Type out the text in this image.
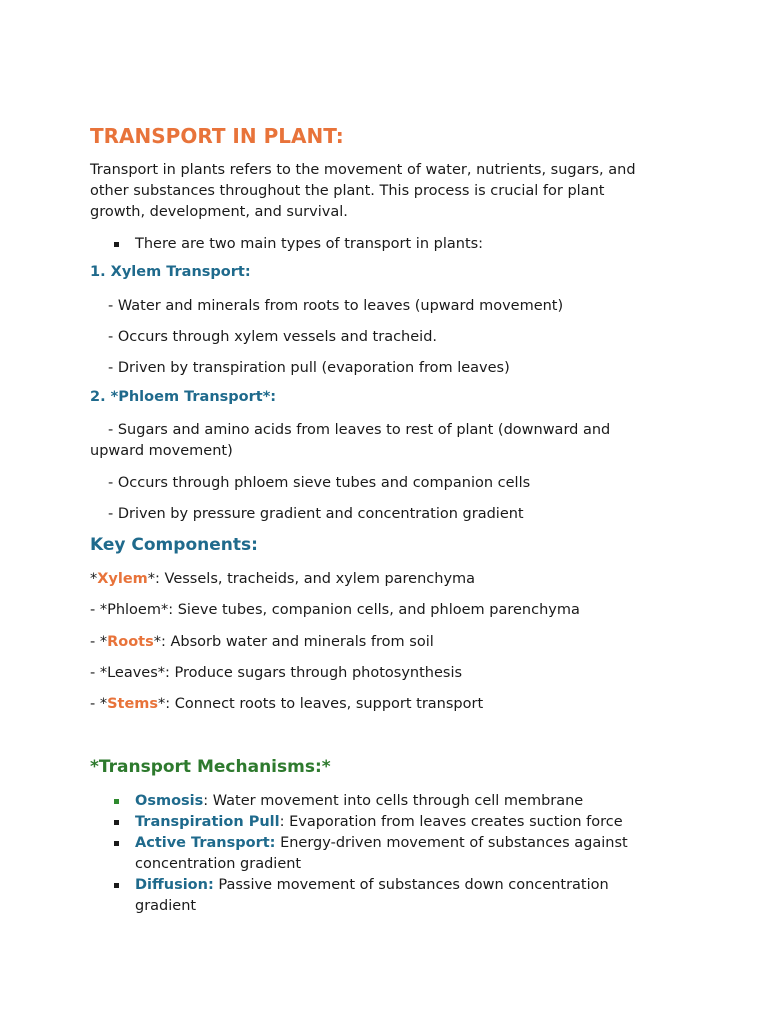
TRANSPORT IN PLANT:
Transport in plants refers to the movement of water, nutrients, sugars, and
other substances throughout the plant. This process is crucial for plant
growth, development, and survival.
There are two main types of transport in plants:
1. Xylem Transport:
- Water and minerals from roots to leaves (upward movement)
- Occurs through xylem vessels and tracheid.
- Driven by transpiration pull (evaporation from leaves)
2. *Phloem Transport*:
- Sugars and amino acids from leaves to rest of plant (downward and
upward movement)
- Occurs through phloem sieve tubes and companion cells
- Driven by pressure gradient and concentration gradient
Key Components:
*Xylem*: Vessels, tracheids, and xylem parenchyma
- *Phloem*: Sieve tubes, companion cells, and phloem parenchyma
- *Roots*: Absorb water and minerals from soil
- *Leaves*: Produce sugars through photosynthesis
- *Stems*: Connect roots to leaves, support transport
*Transport Mechanisms:*
Osmosis: Water movement into cells through cell membrane
Transpiration Pull: Evaporation from leaves creates suction force
Active Transport: Energy-driven movement of substances against
concentration gradient
Diffusion: Passive movement of substances down concentration
gradient
